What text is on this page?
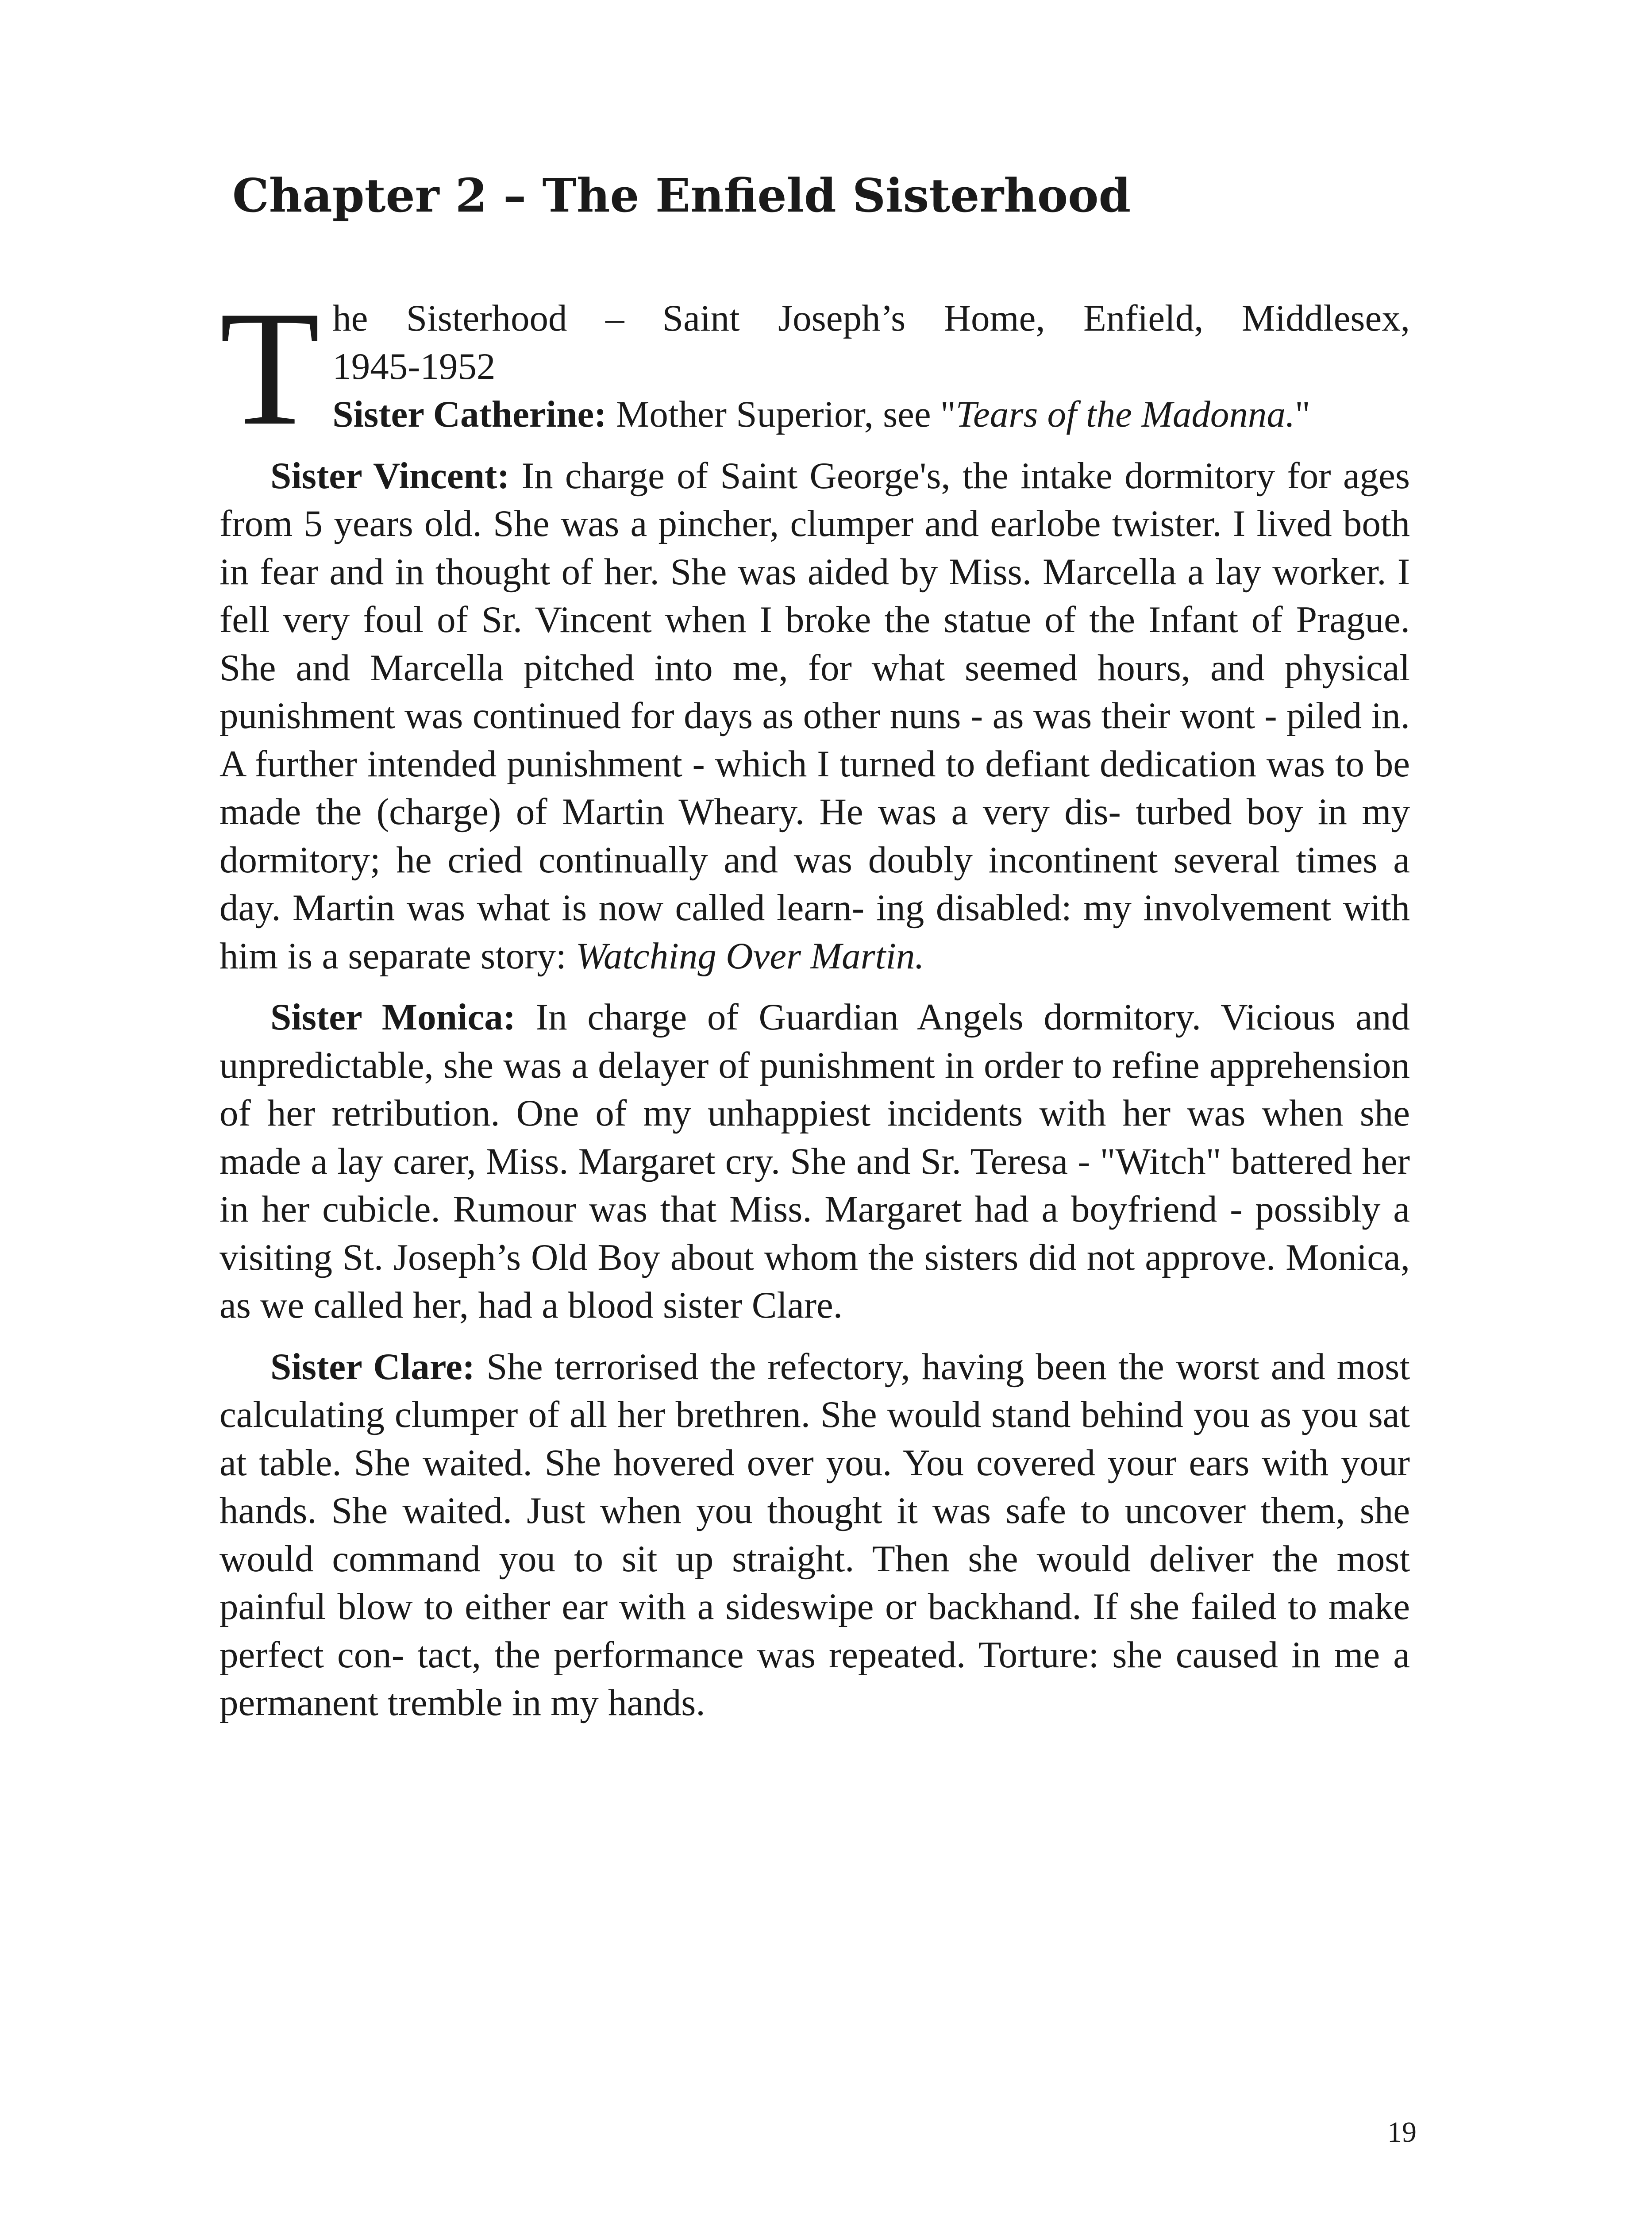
Chapter 2 – The Enfield Sisterhood
T he Sisterhood – Saint Joseph’s Home, Enfield, Middlesex,
1945-1952
Sister Catherine: Mother Superior, see "Tears of the Madonna."

Sister Vincent: In charge of Saint George's, the intake dormitory for ages from 5 years old. She was a pincher, clumper and earlobe twister. I lived both in fear and in thought of her. She was aided by Miss. Marcella a lay worker. I fell very foul of Sr. Vincent when I broke the statue of the Infant of Prague. She and Marcella pitched into me, for what seemed hours, and physical punishment was continued for days as other nuns - as was their wont - piled in. A further intended punishment - which I turned to defiant dedication was to be made the (charge) of Martin Wheary. He was a very dis- turbed boy in my dormitory; he cried continually and was doubly incontinent several times a day. Martin was what is now called learn- ing disabled: my involvement with him is a separate story: Watching Over Martin.

Sister Monica: In charge of Guardian Angels dormitory. Vicious and unpredictable, she was a delayer of punishment in order to refine apprehension of her retribution. One of my unhappiest incidents with her was when she made a lay carer, Miss. Margaret cry. She and Sr. Teresa - "Witch" battered her in her cubicle. Rumour was that Miss. Margaret had a boyfriend - possibly a visiting St. Joseph’s Old Boy about whom the sisters did not approve. Monica, as we called her, had a blood sister Clare.

Sister Clare: She terrorised the refectory, having been the worst and most calculating clumper of all her brethren. She would stand behind you as you sat at table. She waited. She hovered over you. You covered your ears with your hands. She waited. Just when you thought it was safe to uncover them, she would command you to sit up straight. Then she would deliver the most painful blow to either ear with a sideswipe or backhand. If she failed to make perfect con- tact, the performance was repeated. Torture: she caused in me a permanent tremble in my hands.

19
